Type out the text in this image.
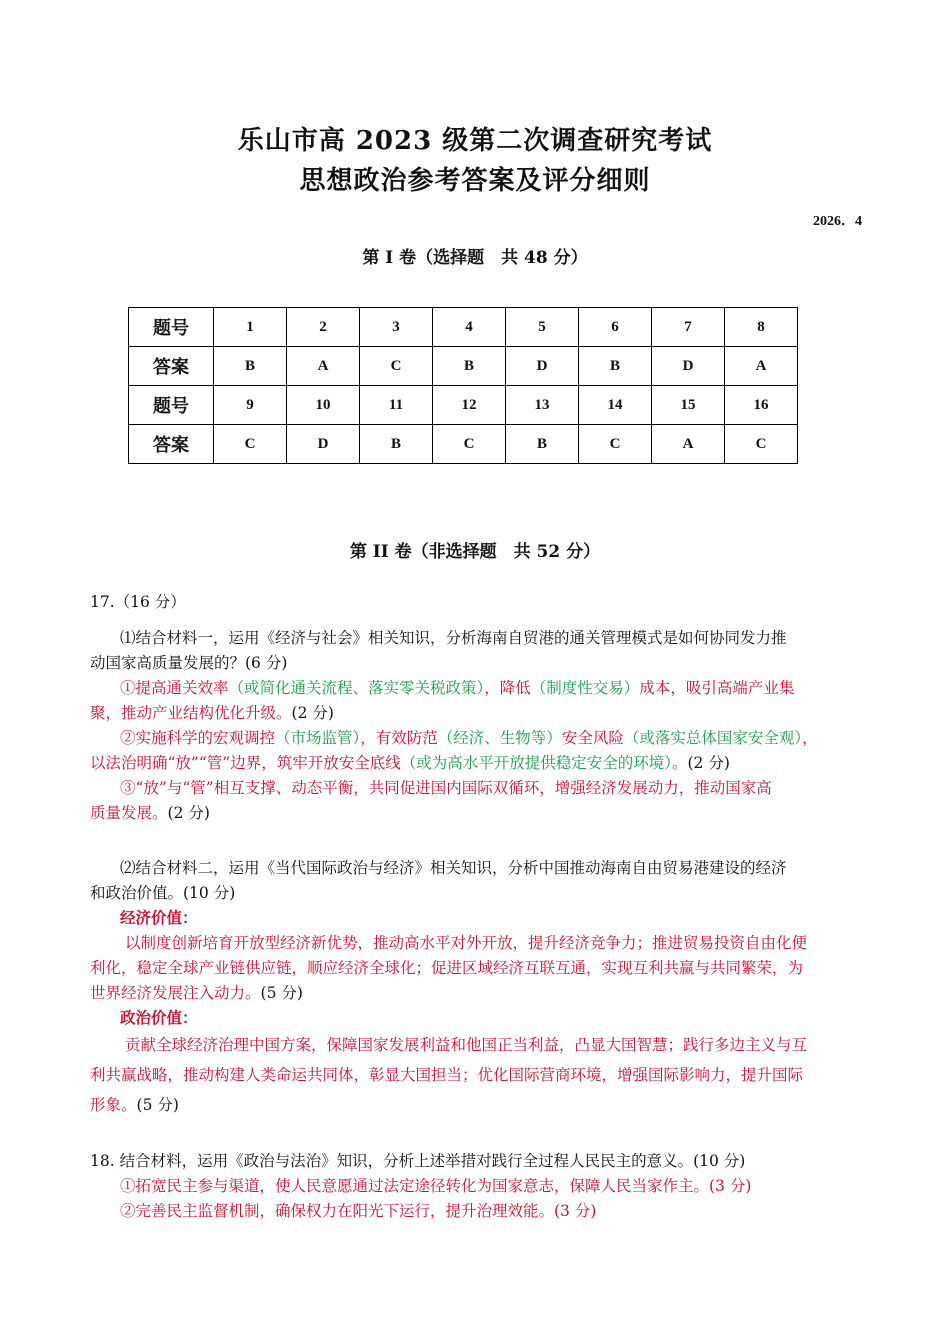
乐山市高 2023 级第二次调查研究考试
思想政治参考答案及评分细则
2026．4
第 I 卷（选择题　共 48 分）
题号	1	2	3	4	5	6	7	8
答案	B	A	C	B	D	B	D	A
题号	9	10	11	12	13	14	15	16
答案	C	D	B	C	B	C	A	C
第 II 卷（非选择题　共 52 分）
17.（16 分）
⑴结合材料一，运用《经济与社会》相关知识，分析海南自贸港的通关管理模式是如何协同发力推
动国家高质量发展的？(6 分)
①提高通关效率（或简化通关流程、落实零关税政策），降低（制度性交易）成本，吸引高端产业集
聚，推动产业结构优化升级。(2 分)
②实施科学的宏观调控（市场监管），有效防范（经济、生物等）安全风险（或落实总体国家安全观），
以法治明确“放”“管”边界，筑牢开放安全底线（或为高水平开放提供稳定安全的环境）。(2 分)
③“放”与“管”相互支撑、动态平衡，共同促进国内国际双循环，增强经济发展动力，推动国家高
质量发展。(2 分)
⑵结合材料二，运用《当代国际政治与经济》相关知识，分析中国推动海南自由贸易港建设的经济
和政治价值。(10 分)
经济价值：
以制度创新培育开放型经济新优势，推动高水平对外开放，提升经济竞争力；推进贸易投资自由化便
利化，稳定全球产业链供应链，顺应经济全球化；促进区域经济互联互通，实现互利共赢与共同繁荣，为
世界经济发展注入动力。(5 分)
政治价值：
贡献全球经济治理中国方案，保障国家发展利益和他国正当利益，凸显大国智慧；践行多边主义与互
利共赢战略，推动构建人类命运共同体，彰显大国担当；优化国际营商环境，增强国际影响力，提升国际
形象。(5 分)
18. 结合材料，运用《政治与法治》知识，分析上述举措对践行全过程人民民主的意义。(10 分)
①拓宽民主参与渠道，使人民意愿通过法定途径转化为国家意志，保障人民当家作主。(3 分)
②完善民主监督机制，确保权力在阳光下运行，提升治理效能。(3 分)
